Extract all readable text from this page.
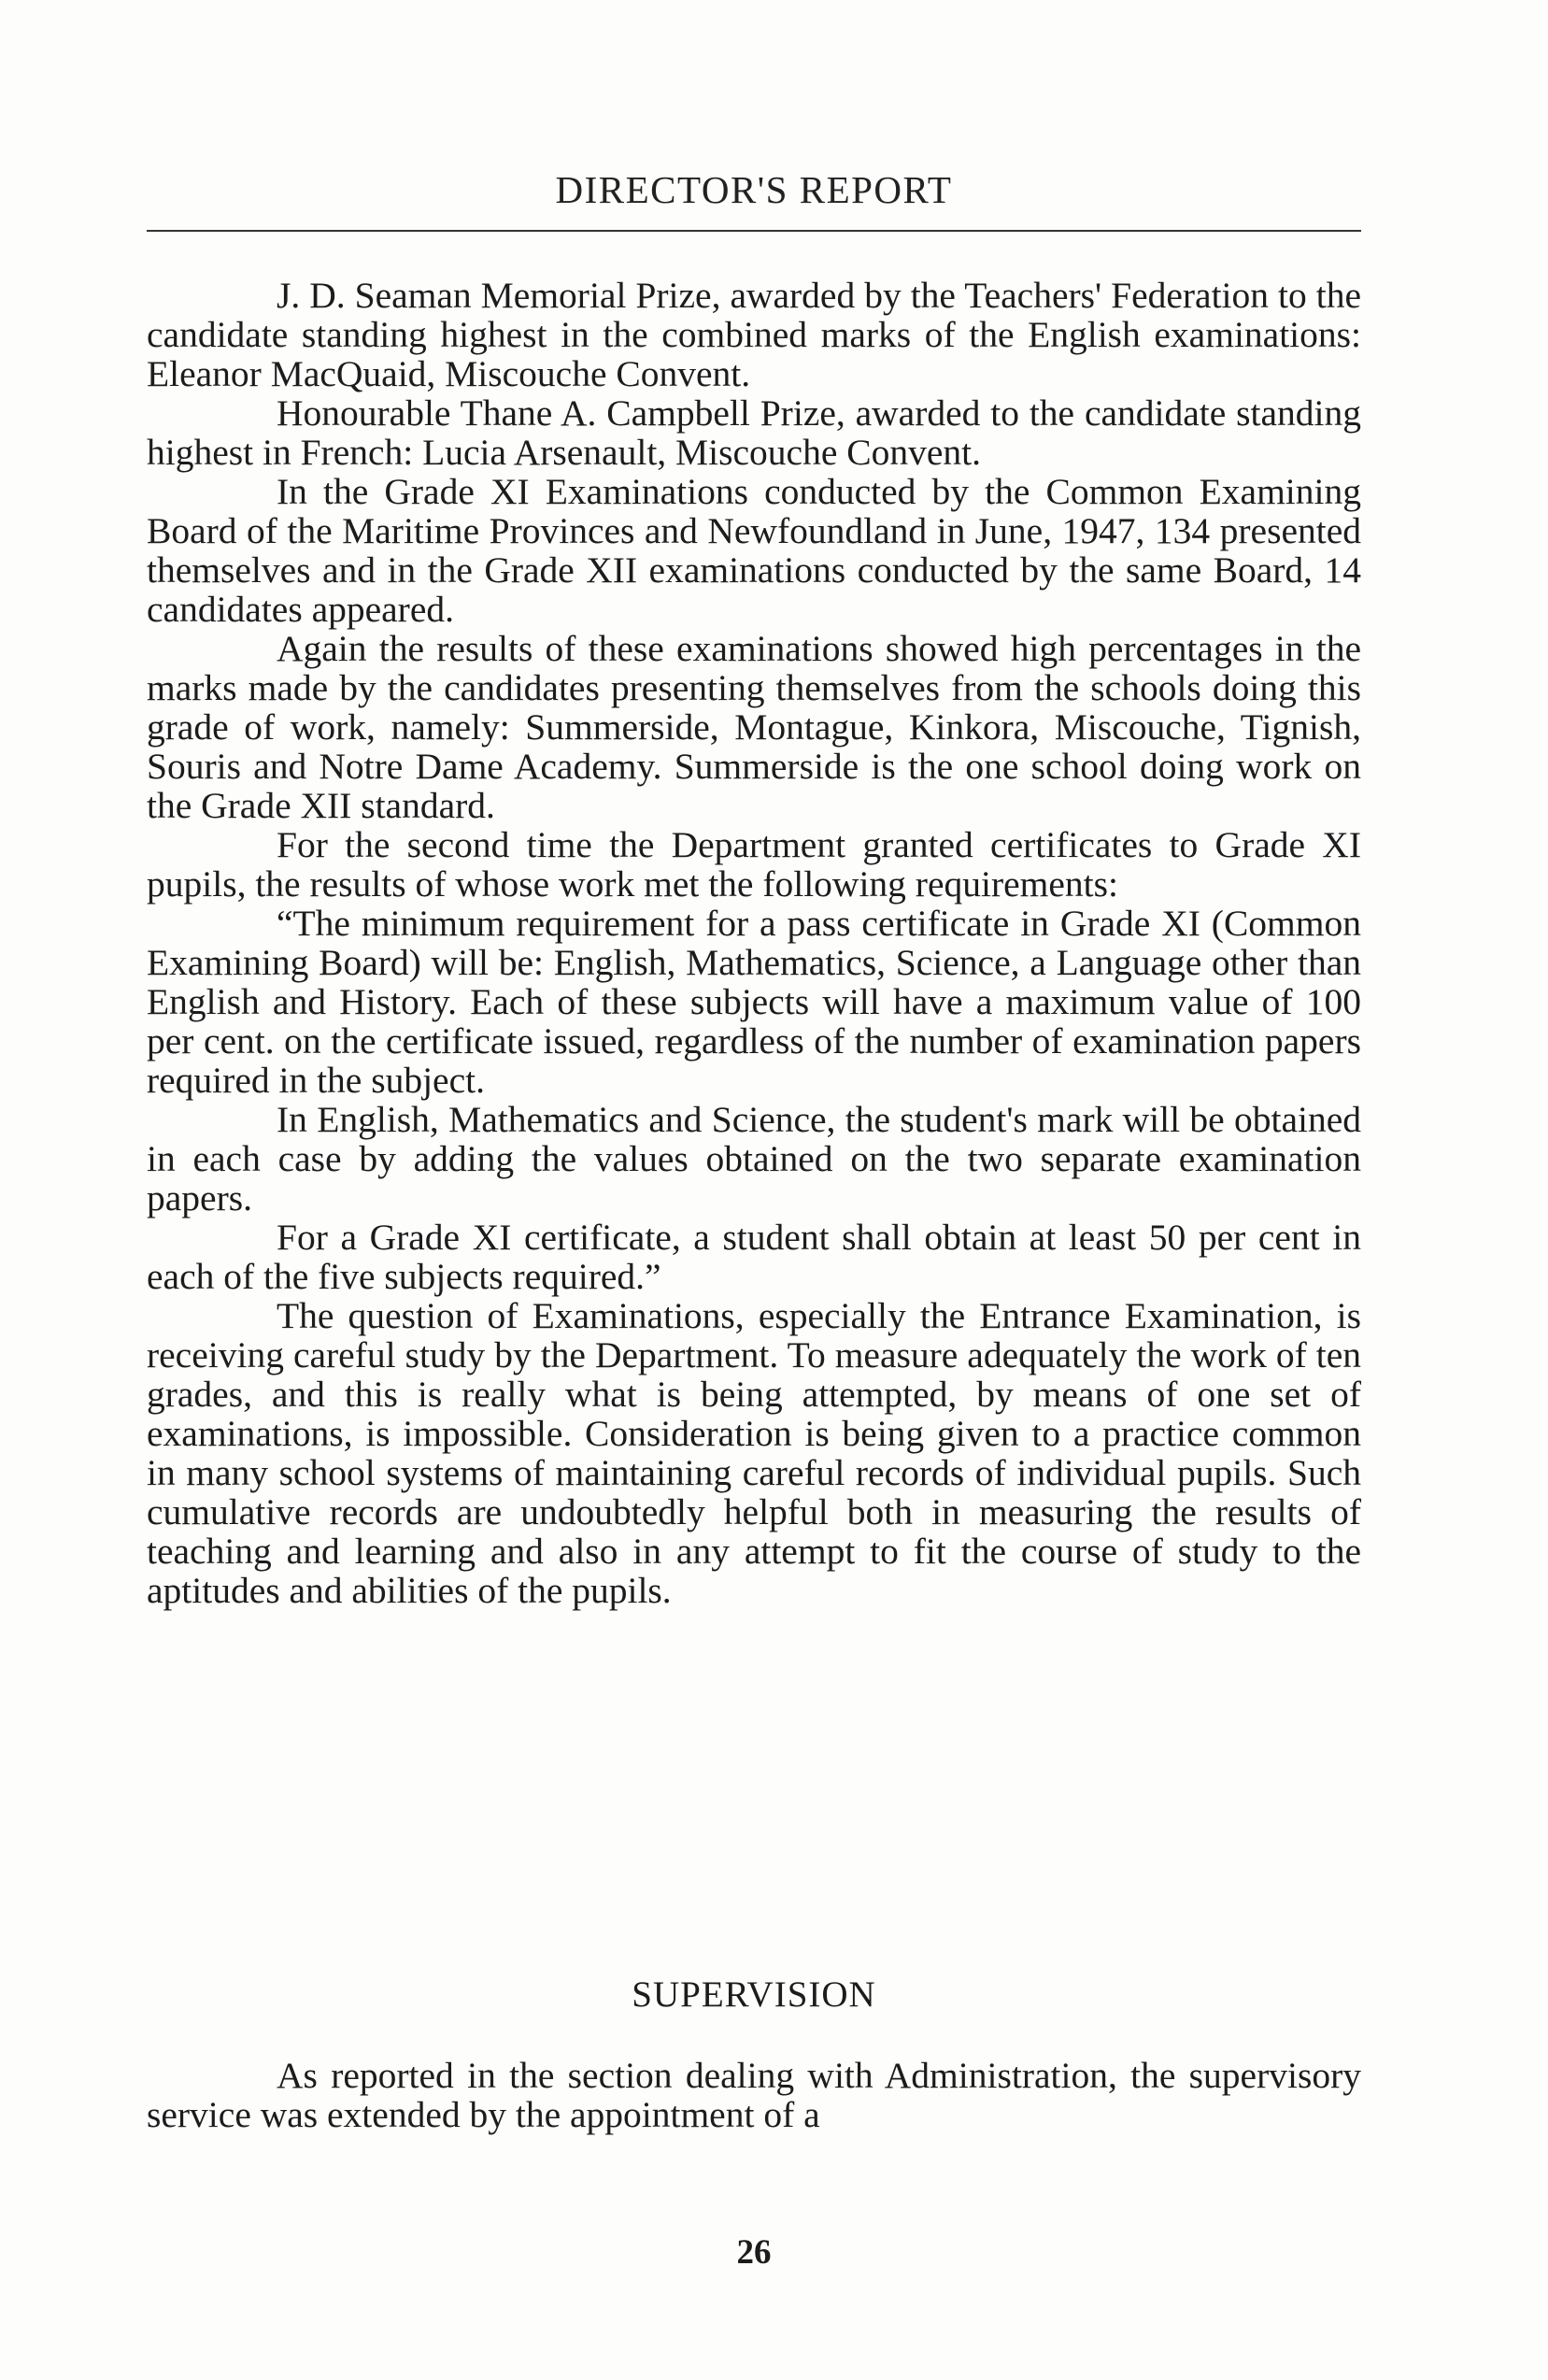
DIRECTOR'S REPORT

J. D. Seaman Memorial Prize, awarded by the Teachers' Federation to the candidate standing highest in the combined marks of the English examinations: Eleanor MacQuaid, Miscouche Convent.

Honourable Thane A. Campbell Prize, awarded to the candidate standing highest in French: Lucia Arsenault, Miscouche Convent.

In the Grade XI Examinations conducted by the Common Examining Board of the Maritime Provinces and Newfoundland in June, 1947, 134 presented themselves and in the Grade XII examinations conducted by the same Board, 14 candidates appeared.

Again the results of these examinations showed high percentages in the marks made by the candidates presenting themselves from the schools doing this grade of work, namely: Summerside, Montague, Kinkora, Miscouche, Tignish, Souris and Notre Dame Academy. Summerside is the one school doing work on the Grade XII standard.

For the second time the Department granted certificates to Grade XI pupils, the results of whose work met the following requirements:

“The minimum requirement for a pass certificate in Grade XI (Common Examining Board) will be: English, Mathematics, Science, a Language other than English and History. Each of these subjects will have a maximum value of 100 per cent. on the certificate issued, regardless of the number of examination papers required in the subject.

In English, Mathematics and Science, the student's mark will be obtained in each case by adding the values obtained on the two separate examination papers.

For a Grade XI certificate, a student shall obtain at least 50 per cent in each of the five subjects required.”

The question of Examinations, especially the Entrance Examination, is receiving careful study by the Department. To measure adequately the work of ten grades, and this is really what is being attempted, by means of one set of examinations, is impossible. Consideration is being given to a practice common in many school systems of maintaining careful records of individual pupils. Such cumulative records are undoubtedly helpful both in measuring the results of teaching and learning and also in any attempt to fit the course of study to the aptitudes and abilities of the pupils.

SUPERVISION

As reported in the section dealing with Administration, the supervisory service was extended by the appointment of a

26
